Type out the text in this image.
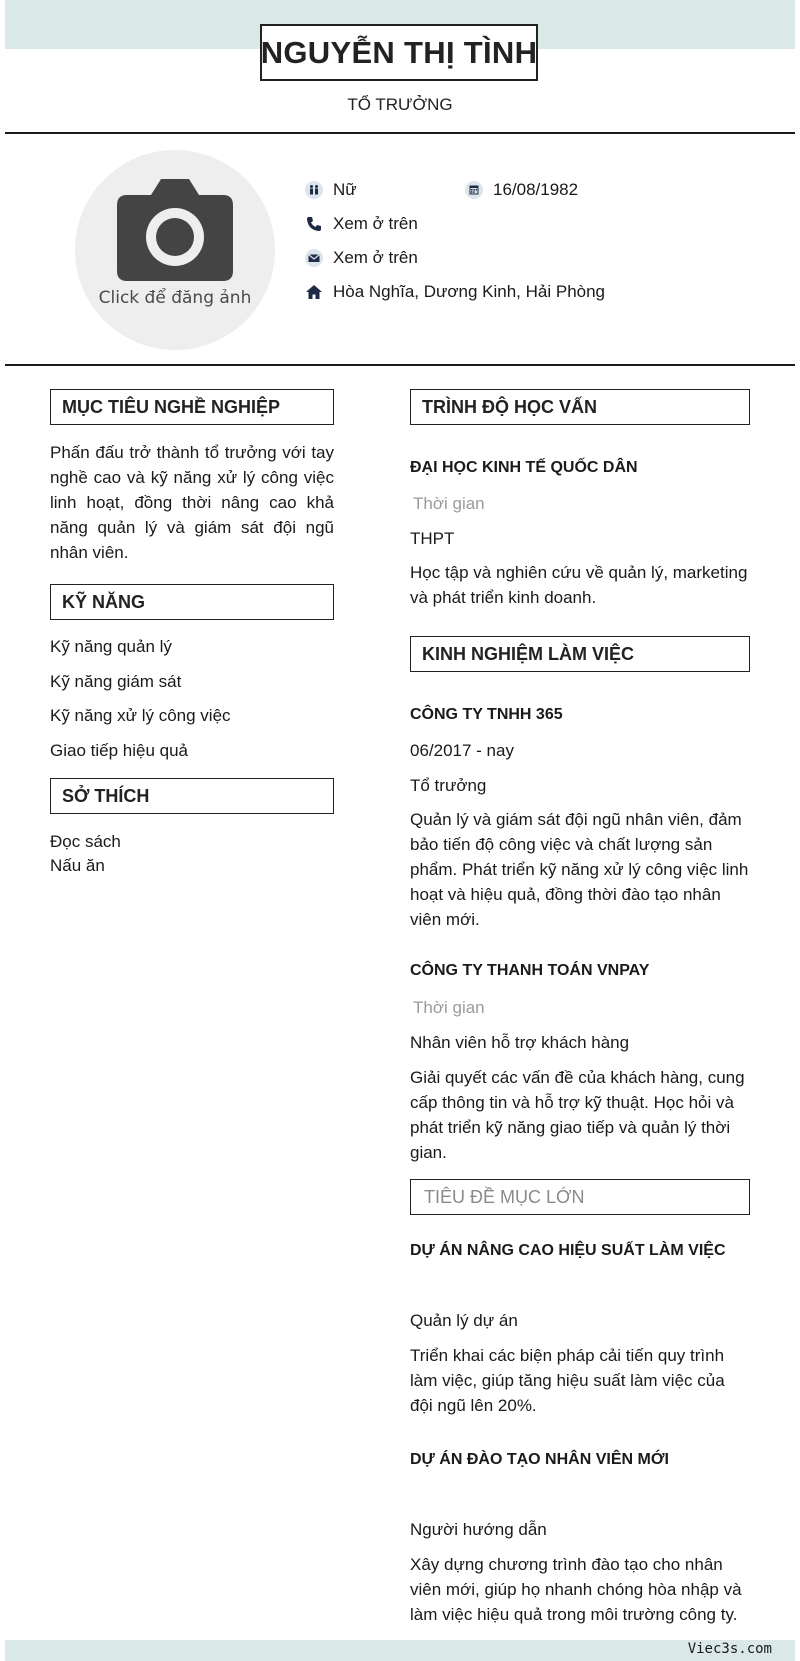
NGUYỄN THỊ TÌNH
TỔ TRƯỞNG
Click để đăng ảnh
Nữ	16/08/1982
Xem ở trên
Xem ở trên
Hòa Nghĩa, Dương Kinh, Hải Phòng
MỤC TIÊU NGHỀ NGHIỆP
Phấn đấu trở thành tổ trưởng với tay nghề cao và kỹ năng xử lý công việc linh hoạt, đồng thời nâng cao khả năng quản lý và giám sát đội ngũ nhân viên.
KỸ NĂNG
Kỹ năng quản lý
Kỹ năng giám sát
Kỹ năng xử lý công việc
Giao tiếp hiệu quả
SỞ THÍCH
Đọc sách
Nấu ăn
TRÌNH ĐỘ HỌC VẤN
ĐẠI HỌC KINH TẾ QUỐC DÂN
Thời gian
THPT
Học tập và nghiên cứu về quản lý, marketing và phát triển kinh doanh.
KINH NGHIỆM LÀM VIỆC
CÔNG TY TNHH 365
06/2017 - nay
Tổ trưởng
Quản lý và giám sát đội ngũ nhân viên, đảm bảo tiến độ công việc và chất lượng sản phẩm. Phát triển kỹ năng xử lý công việc linh hoạt và hiệu quả, đồng thời đào tạo nhân viên mới.
CÔNG TY THANH TOÁN VNPAY
Thời gian
Nhân viên hỗ trợ khách hàng
Giải quyết các vấn đề của khách hàng, cung cấp thông tin và hỗ trợ kỹ thuật. Học hỏi và phát triển kỹ năng giao tiếp và quản lý thời gian.
TIÊU ĐỀ MỤC LỚN
DỰ ÁN NÂNG CAO HIỆU SUẤT LÀM VIỆC
Quản lý dự án
Triển khai các biện pháp cải tiến quy trình làm việc, giúp tăng hiệu suất làm việc của đội ngũ lên 20%.
DỰ ÁN ĐÀO TẠO NHÂN VIÊN MỚI
Người hướng dẫn
Xây dựng chương trình đào tạo cho nhân viên mới, giúp họ nhanh chóng hòa nhập và làm việc hiệu quả trong môi trường công ty.
Viec3s.com
